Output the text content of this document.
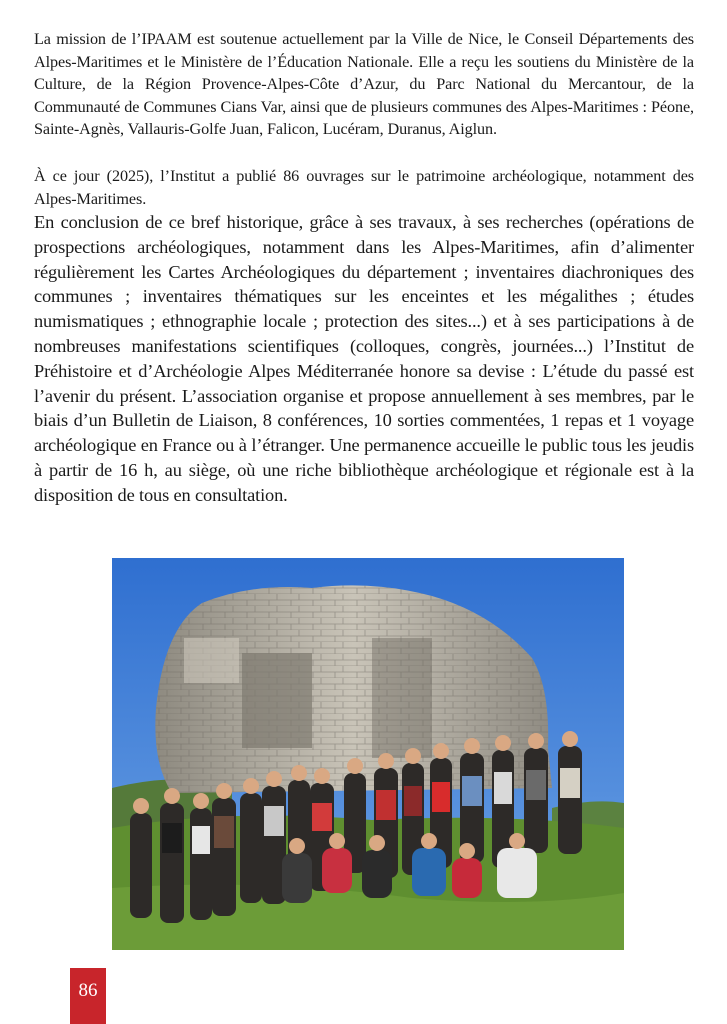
La mission de l’IPAAM est soutenue actuellement par la Ville de Nice, le Conseil Départements des Alpes-Maritimes et le Ministère de l’Éducation Nationale. Elle a reçu les soutiens du Ministère de la Culture, de la Région Provence-Alpes-Côte d’Azur, du Parc National du Mercantour, de la Communauté de Communes Cians Var, ainsi que de plusieurs communes des Alpes-Maritimes : Péone, Sainte-Agnès, Vallauris-Golfe Juan, Falicon, Lucéram, Duranus, Aiglun.

À ce jour (2025), l’Institut a publié 86 ouvrages sur le patrimoine archéologique, notamment des Alpes-Maritimes.

En conclusion de ce bref historique, grâce à ses travaux, à ses recherches (opérations de prospections archéologiques, notamment dans les Alpes-Maritimes, afin d’alimenter régulièrement les Cartes Archéologiques du département ; inventaires diachroniques des communes ; inventaires thématiques sur les enceintes et les mégalithes ; études numismatiques ; ethnographie locale ; protection des sites...) et à ses participations à de nombreuses manifestations scientifiques (colloques, congrès, journées...) l’Institut de Préhistoire et d’Archéologie Alpes Méditerranée honore sa devise : L’étude du passé est l’avenir du présent. L’association organise et propose annuellement à ses membres, par le biais d’un Bulletin de Liaison, 8 conférences, 10 sorties commentées, 1 repas et 1 voyage archéologique en France ou à l’étranger. Une permanence accueille le public tous les jeudis à partir de 16 h, au siège, où une riche bibliothèque archéologique et régionale est à la disposition de tous en consultation.

86
